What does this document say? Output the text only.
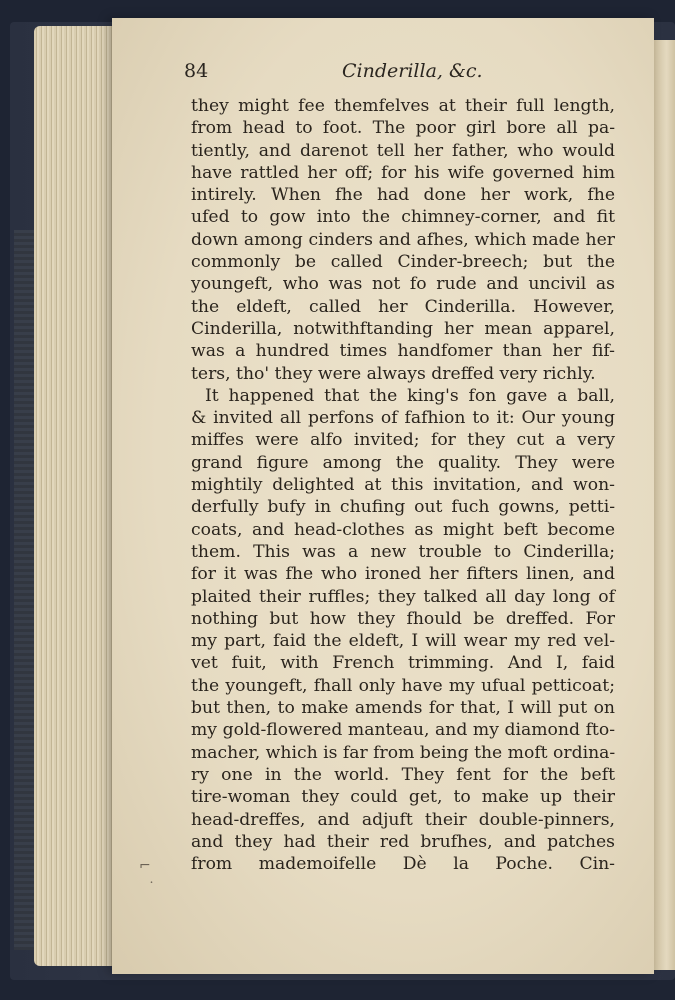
84	Cinderilla, &c.
they might fee themfelves at their full length,
from head to foot. The poor girl bore all pa-
tiently, and darenot tell her father, who would
have rattled her off; for his wife governed him
intirely. When fhe had done her work, fhe
ufed to gow into the chimney-corner, and fit
down among cinders and afhes, which made her
commonly be called Cinder-breech; but the
youngeft, who was not fo rude and uncivil as
the eldeft, called her Cinderilla. However,
Cinderilla, notwithftanding her mean apparel,
was a hundred times handfomer than her fif-
ters, tho' they were always dreffed very richly.
It happened that the king's fon gave a ball,
& invited all perfons of fafhion to it: Our young
miffes were alfo invited; for they cut a very
grand figure among the quality. They were
mightily delighted at this invitation, and won-
derfully bufy in chufing out fuch gowns, petti-
coats, and head-clothes as might beft become
them. This was a new trouble to Cinderilla;
for it was fhe who ironed her fifters linen, and
plaited their ruffles; they talked all day long of
nothing but how they fhould be dreffed. For
my part, faid the eldeft, I will wear my red vel-
vet fuit, with French trimming. And I, faid
the youngeft, fhall only have my ufual petticoat;
but then, to make amends for that, I will put on
my gold-flowered manteau, and my diamond fto-
macher, which is far from being the moft ordina-
ry one in the world. They fent for the beft
tire-woman they could get, to make up their
head-dreffes, and adjuft their double-pinners,
and they had their red brufhes, and patches
from mademoifelle Dè la Poche. Cin-
⌐
˙
